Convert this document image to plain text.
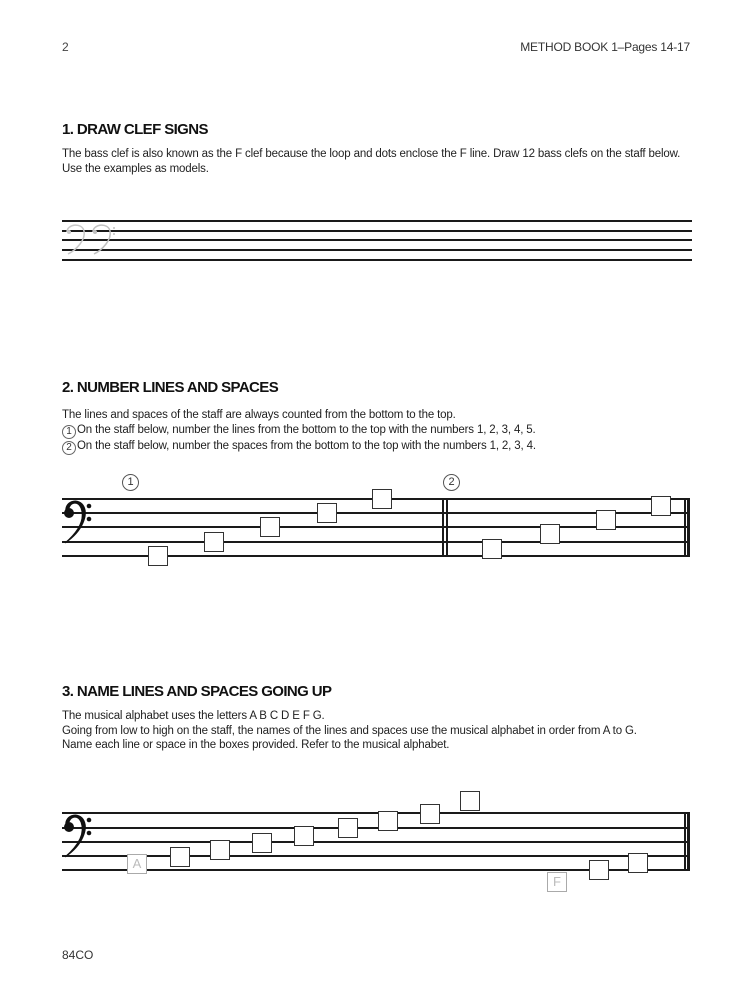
2	METHOD BOOK 1–Pages 14-17
1. DRAW CLEF SIGNS
The bass clef is also known as the F clef because the loop and dots enclose the F line. Draw 12 bass clefs on the staff below. Use the examples as models.
2. NUMBER LINES AND SPACES
The lines and spaces of the staff are always counted from the bottom to the top.
1 On the staff below, number the lines from the bottom to the top with the numbers 1, 2, 3, 4, 5.
2 On the staff below, number the spaces from the bottom to the top with the numbers 1, 2, 3, 4.
1	2
3. NAME LINES AND SPACES GOING UP
The musical alphabet uses the letters A B C D E F G.
Going from low to high on the staff, the names of the lines and spaces use the musical alphabet in order from A to G.
Name each line or space in the boxes provided. Refer to the musical alphabet.
A
F
84CO
